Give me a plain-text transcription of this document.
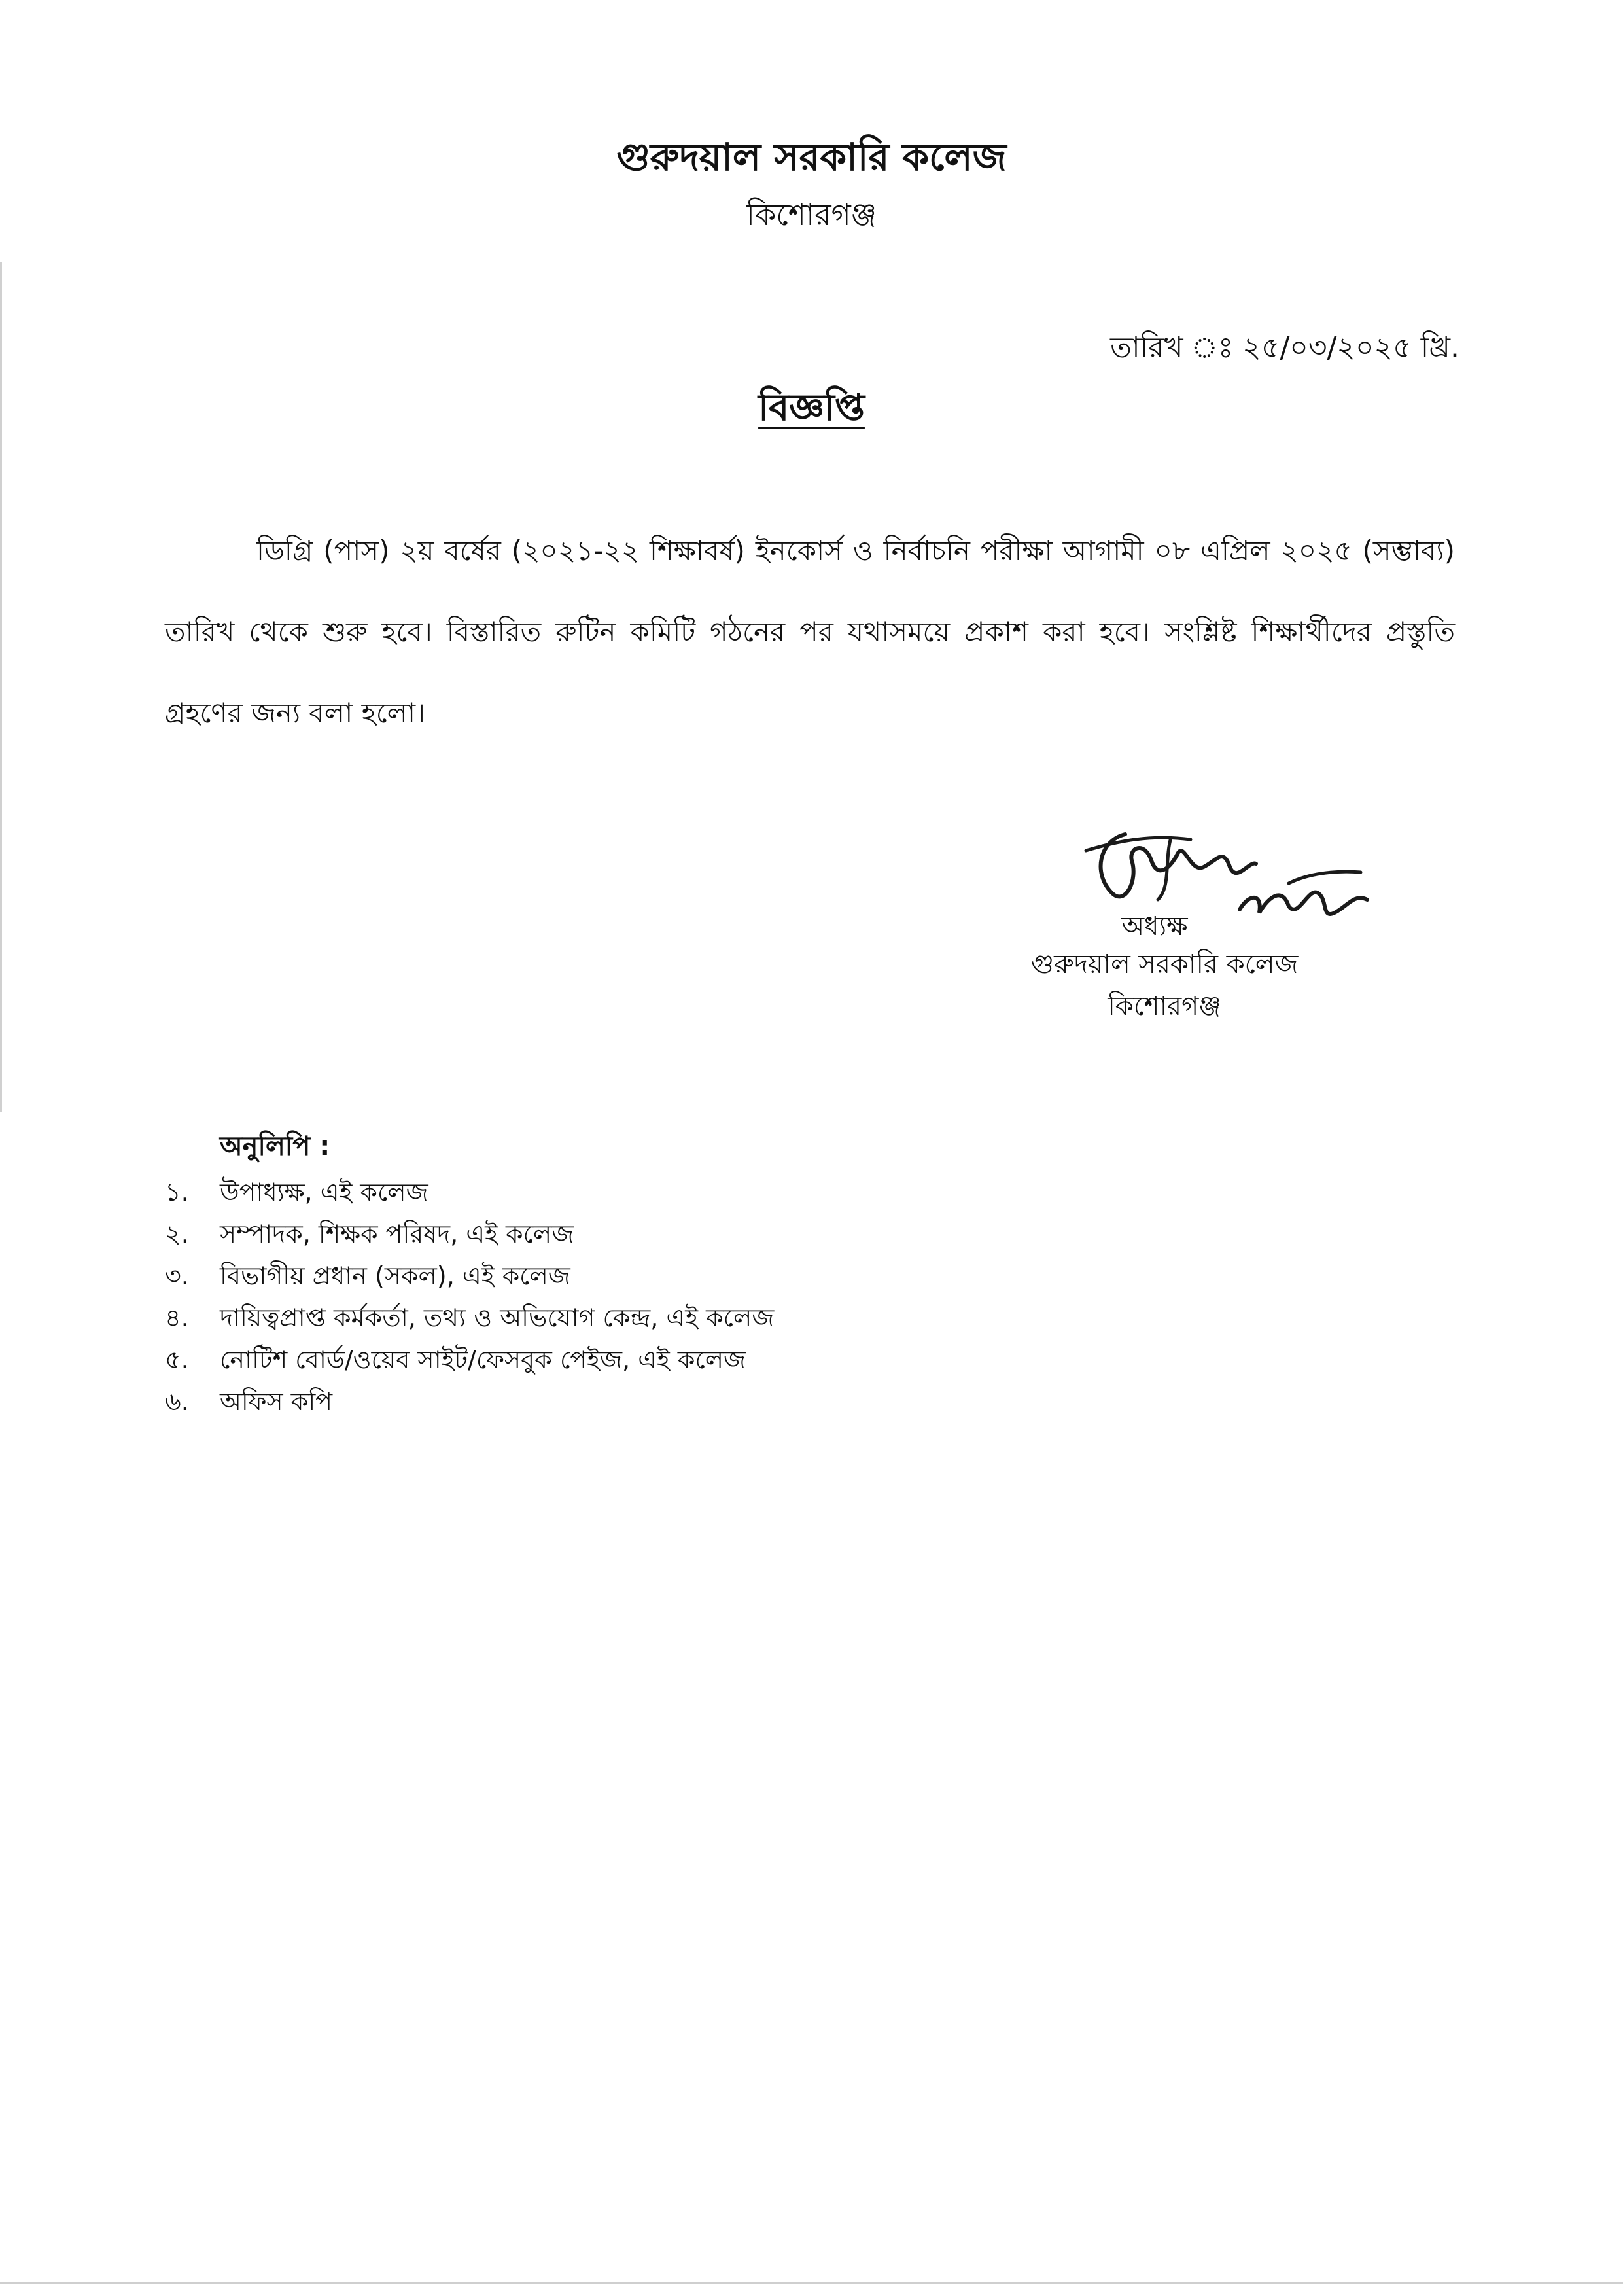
গুরুদয়াল সরকারি কলেজ
কিশোরগঞ্জ
তারিখ ঃ ২৫/০৩/২০২৫ খ্রি.
বিজ্ঞপ্তি
ডিগ্রি (পাস) ২য় বর্ষের (২০২১-২২ শিক্ষাবর্ষ) ইনকোর্স ও নির্বাচনি পরীক্ষা আগামী ০৮ এপ্রিল ২০২৫ (সম্ভাব্য) তারিখ থেকে শুরু হবে। বিস্তারিত রুটিন কমিটি গঠনের পর যথাসময়ে প্রকাশ করা হবে। সংশ্লিষ্ট শিক্ষার্থীদের প্রস্তুতি গ্রহণের জন্য বলা হলো।
অধ্যক্ষ
গুরুদয়াল সরকারি কলেজ
কিশোরগঞ্জ
অনুলিপি :
১.	উপাধ্যক্ষ, এই কলেজ
২.	সম্পাদক, শিক্ষক পরিষদ, এই কলেজ
৩.	বিভাগীয় প্রধান (সকল), এই কলেজ
৪.	দায়িত্বপ্রাপ্ত কর্মকর্তা, তথ্য ও অভিযোগ কেন্দ্র, এই কলেজ
৫.	নোটিশ বোর্ড/ওয়েব সাইট/ফেসবুক পেইজ, এই কলেজ
৬.	অফিস কপি
